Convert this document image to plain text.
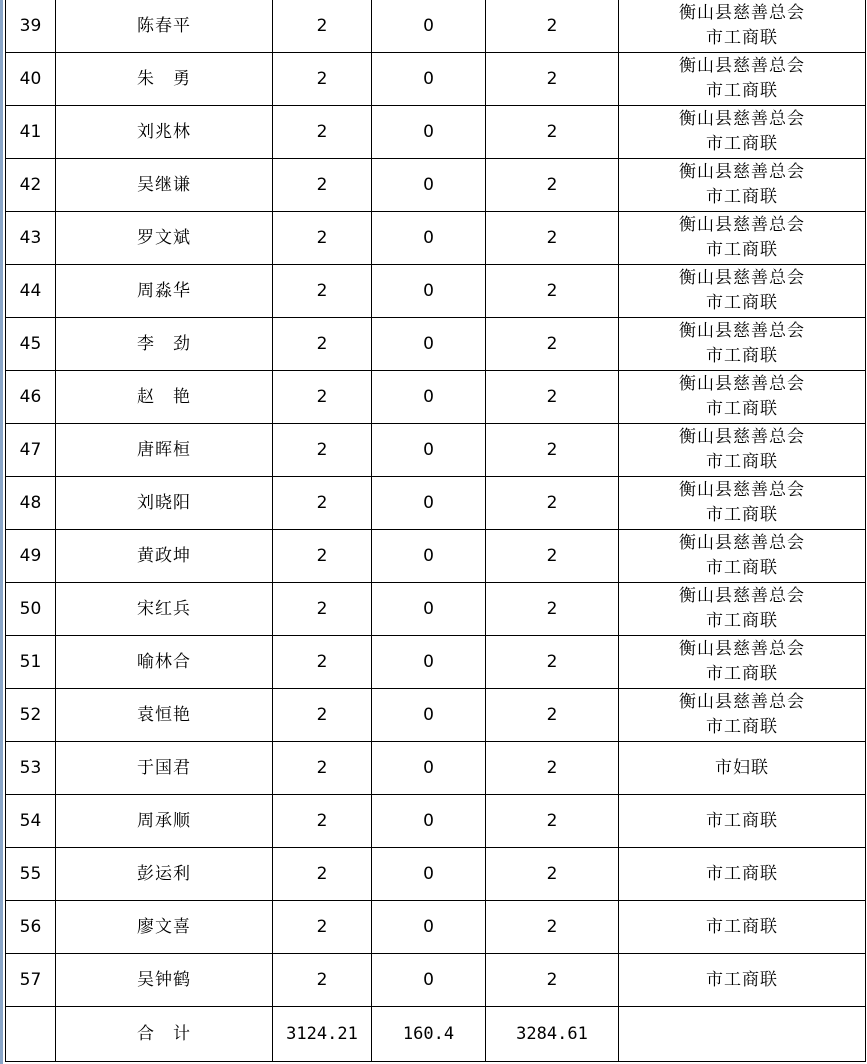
39	陈春平	2	0	2	衡山县慈善总会
市工商联

40	朱　勇	2	0	2	衡山县慈善总会
市工商联

41	刘兆林	2	0	2	衡山县慈善总会
市工商联

42	吴继谦	2	0	2	衡山县慈善总会
市工商联

43	罗文斌	2	0	2	衡山县慈善总会
市工商联

44	周淼华	2	0	2	衡山县慈善总会
市工商联

45	李　劲	2	0	2	衡山县慈善总会
市工商联

46	赵　艳	2	0	2	衡山县慈善总会
市工商联

47	唐晖桓	2	0	2	衡山县慈善总会
市工商联

48	刘晓阳	2	0	2	衡山县慈善总会
市工商联

49	黄政坤	2	0	2	衡山县慈善总会
市工商联

50	宋红兵	2	0	2	衡山县慈善总会
市工商联

51	喻林合	2	0	2	衡山县慈善总会
市工商联

52	袁恒艳	2	0	2	衡山县慈善总会
市工商联

53	于国君	2	0	2	市妇联

54	周承顺	2	0	2	市工商联

55	彭运利	2	0	2	市工商联

56	廖文喜	2	0	2	市工商联

57	吴钟鹤	2	0	2	市工商联

	合　计	3124.21	160.4	3284.61	
